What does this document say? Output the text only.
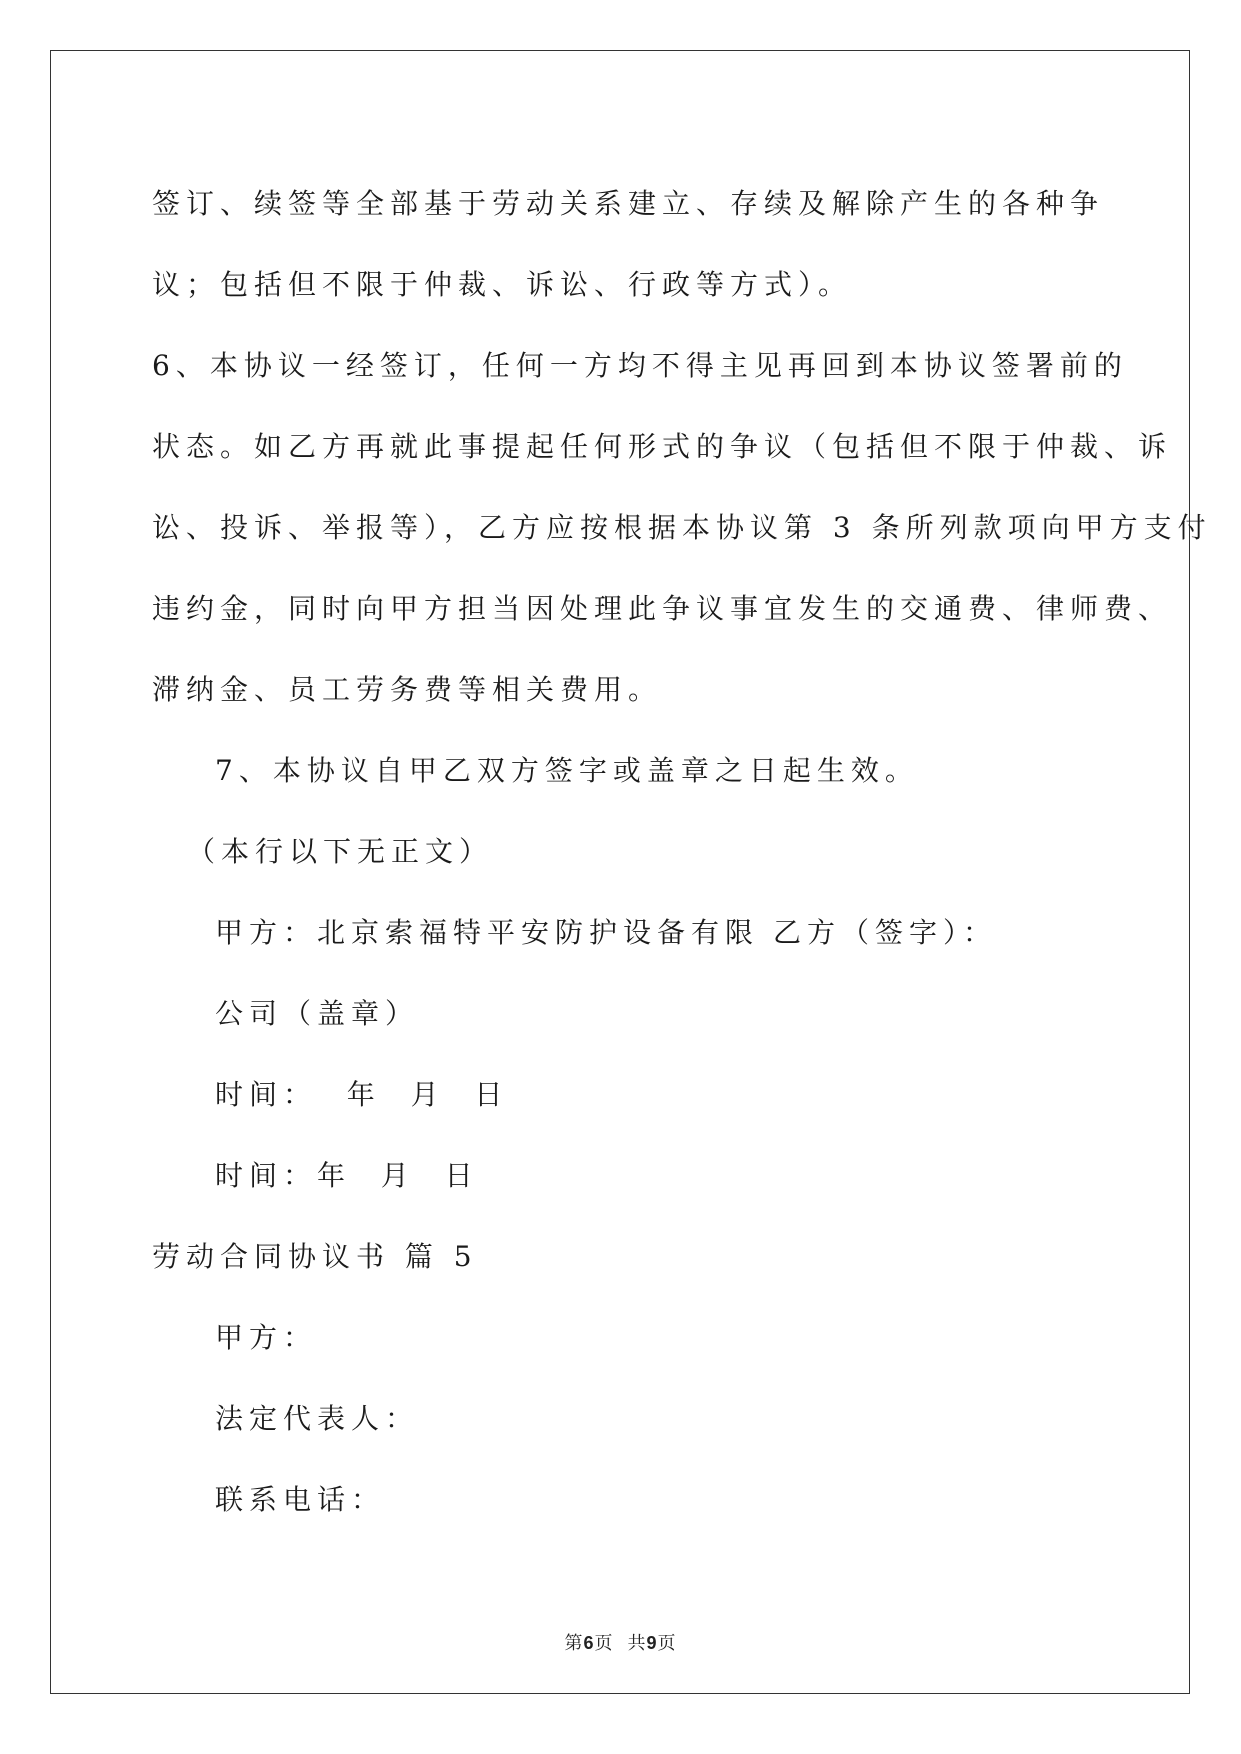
签订、续签等全部基于劳动关系建立、存续及解除产生的各种争
议；包括但不限于仲裁、诉讼、行政等方式）。
6、本协议一经签订，任何一方均不得主见再回到本协议签署前的
状态。如乙方再就此事提起任何形式的争议（包括但不限于仲裁、诉
讼、投诉、举报等），乙方应按根据本协议第 3 条所列款项向甲方支付
违约金，同时向甲方担当因处理此争议事宜发生的交通费、律师费、
滞纳金、员工劳务费等相关费用。
7、本协议自甲乙双方签字或盖章之日起生效。
（本行以下无正文）
甲方：北京索福特平安防护设备有限 乙方（签字）：
公司（盖章）
时间：  年  月  日
时间：年  月  日
劳动合同协议书 篇 5
甲方：
法定代表人：
联系电话：
第6页 共9页
